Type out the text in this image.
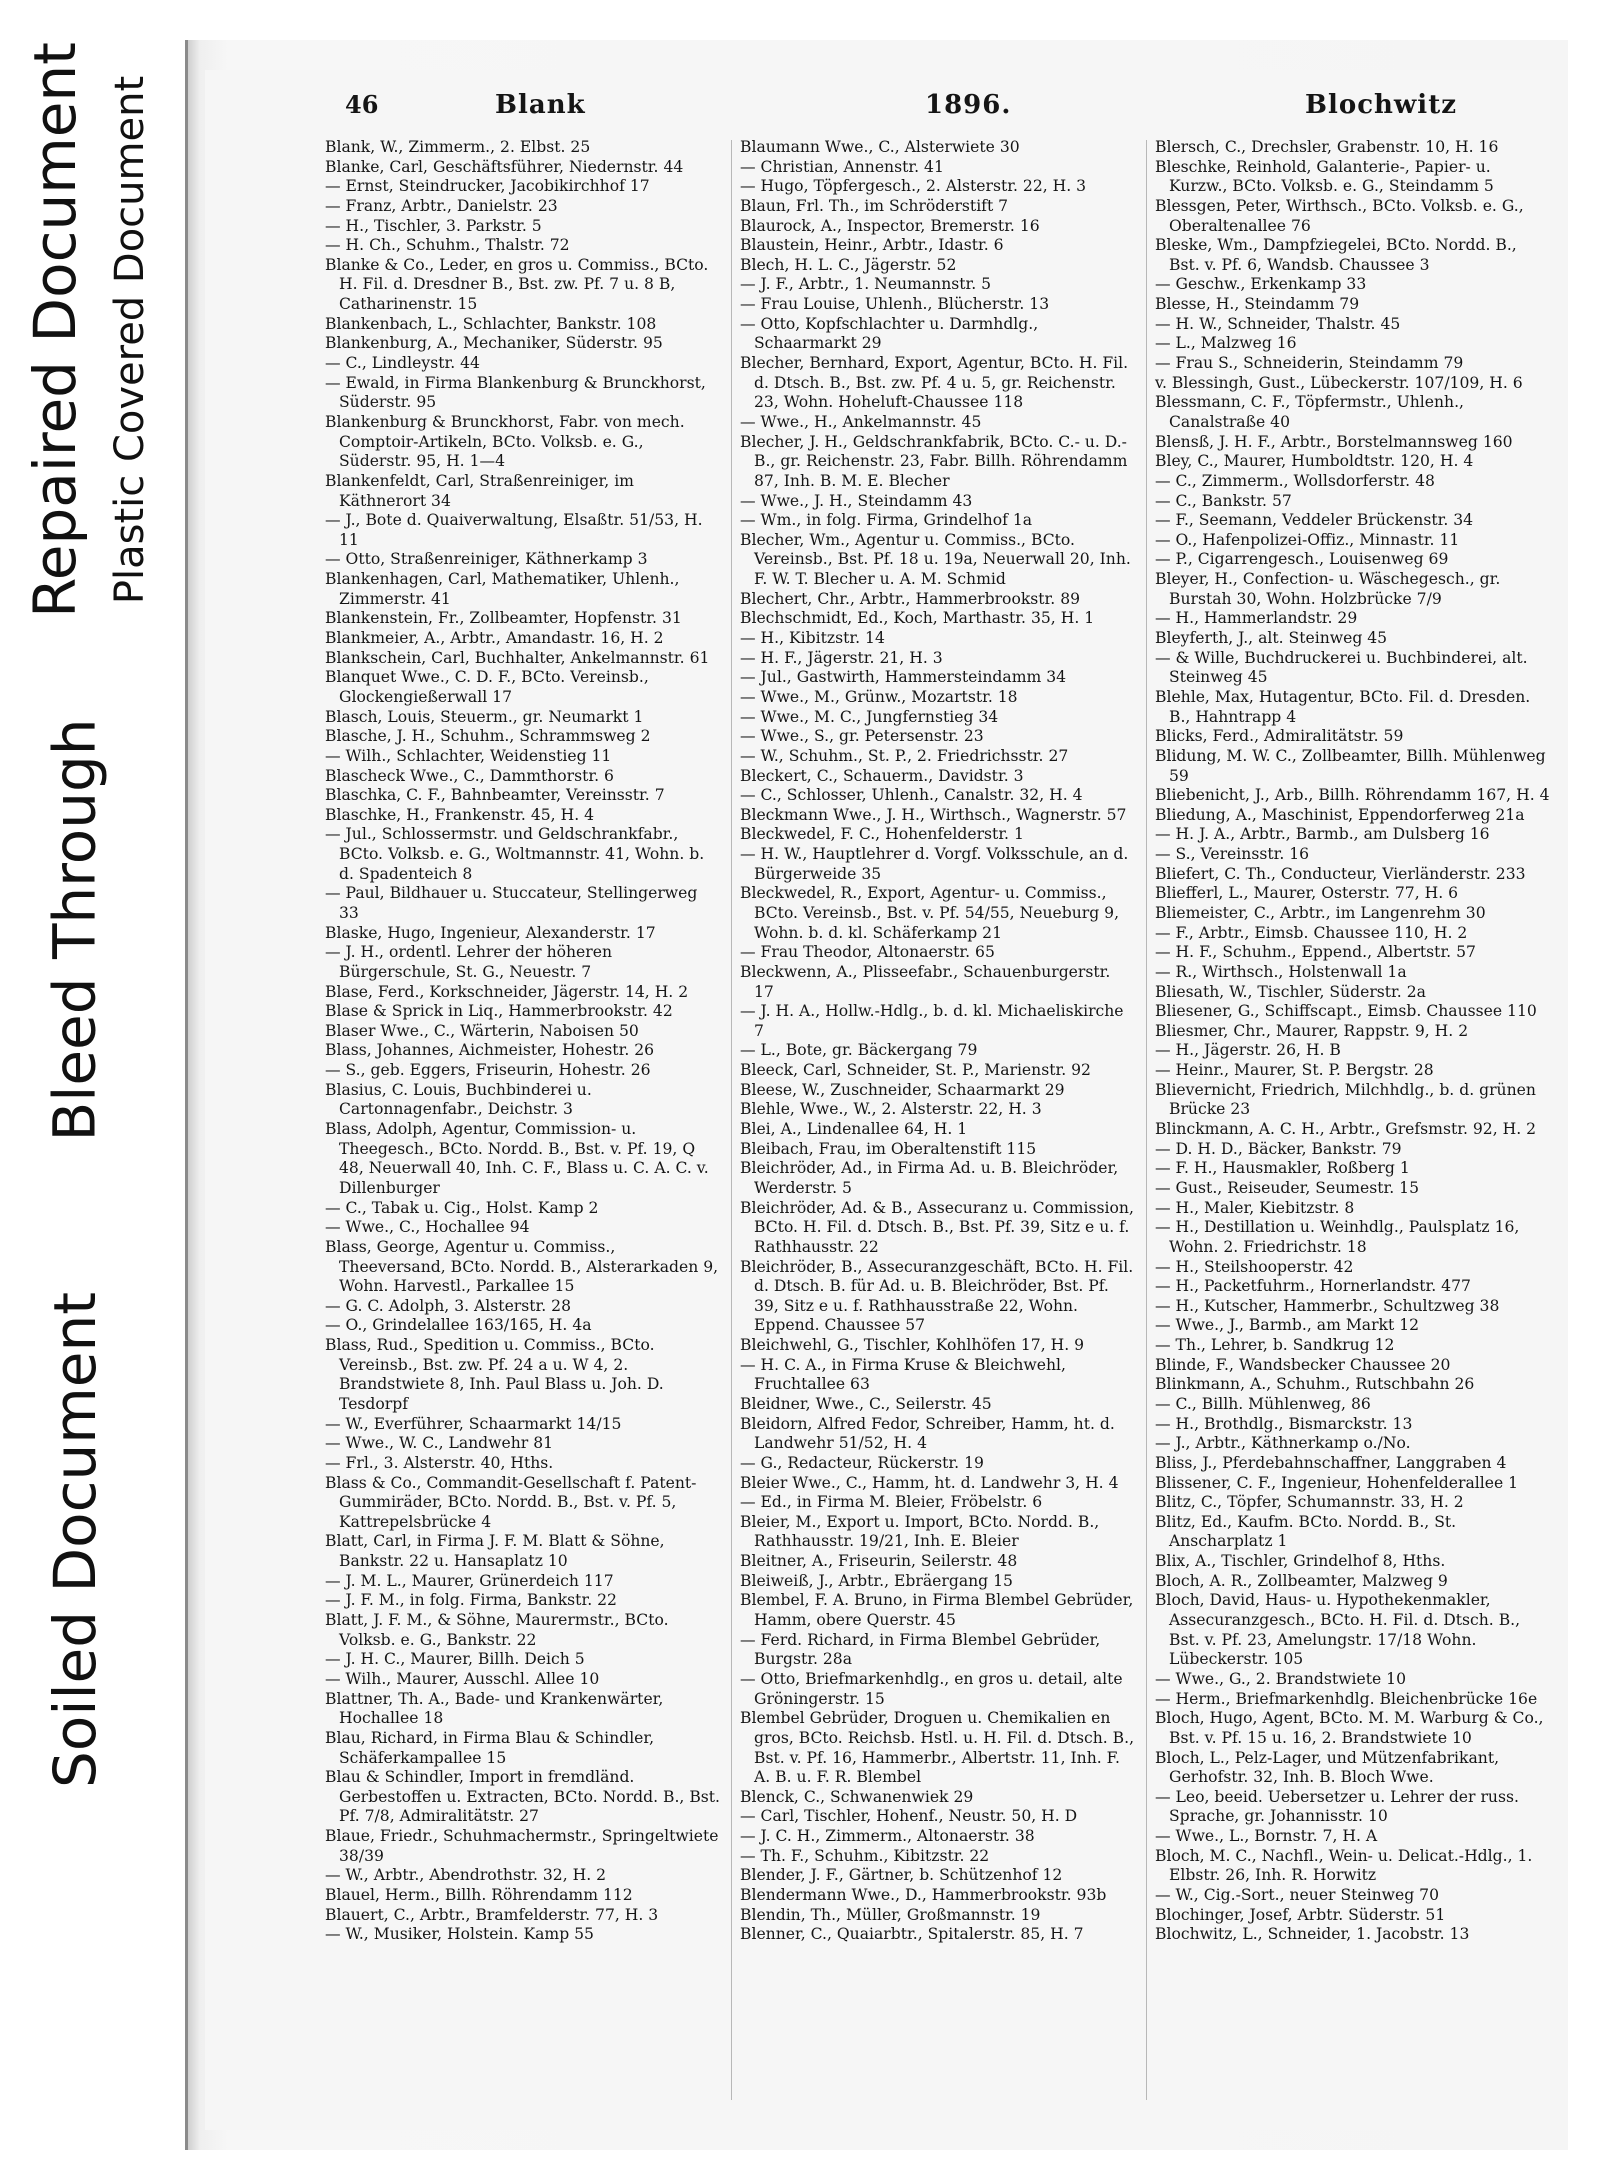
Bleed Through
Repaired Document Plastic Covered Document
Soiled Document
46	Blank	1896.	Blochwitz

Blank, W., Zimmerm., 2. Elbst. 25

Blanke, Carl, Geschäftsführer, Niedernstr. 44

— Ernst, Steindrucker, Jacobikirchhof 17

— Franz, Arbtr., Danielstr. 23

— H., Tischler, 3. Parkstr. 5

— H. Ch., Schuhm., Thalstr. 72

Blanke & Co., Leder, en gros u. Commiss., BCto. H. Fil. d. Dresdner B., Bst. zw. Pf. 7 u. 8 B, Catharinenstr. 15

Blankenbach, L., Schlachter, Bankstr. 108

Blankenburg, A., Mechaniker, Süderstr. 95

— C., Lindleystr. 44

— Ewald, in Firma Blankenburg & Brunckhorst, Süderstr. 95

Blankenburg & Brunckhorst, Fabr. von mech. Comptoir-Artikeln, BCto. Volksb. e. G., Süderstr. 95, H. 1—4

Blankenfeldt, Carl, Straßenreiniger, im Käthnerort 34

— J., Bote d. Quaiverwaltung, Elsaßtr. 51/53, H. 11

— Otto, Straßenreiniger, Käthnerkamp 3

Blankenhagen, Carl, Mathematiker, Uhlenh., Zimmerstr. 41

Blankenstein, Fr., Zollbeamter, Hopfenstr. 31

Blankmeier, A., Arbtr., Amandastr. 16, H. 2

Blankschein, Carl, Buchhalter, Ankelmannstr. 61

Blanquet Wwe., C. D. F., BCto. Vereinsb., Glockengießerwall 17

Blasch, Louis, Steuerm., gr. Neumarkt 1

Blasche, J. H., Schuhm., Schrammsweg 2

— Wilh., Schlachter, Weidenstieg 11

Blascheck Wwe., C., Dammthorstr. 6

Blaschka, C. F., Bahnbeamter, Vereinsstr. 7

Blaschke, H., Frankenstr. 45, H. 4

— Jul., Schlossermstr. und Geldschrankfabr., BCto. Volksb. e. G., Woltmannstr. 41, Wohn. b. d. Spadenteich 8

— Paul, Bildhauer u. Stuccateur, Stellingerweg 33

Blaske, Hugo, Ingenieur, Alexanderstr. 17

— J. H., ordentl. Lehrer der höheren Bürgerschule, St. G., Neuestr. 7

Blase, Ferd., Korkschneider, Jägerstr. 14, H. 2

Blase & Sprick in Liq., Hammerbrookstr. 42

Blaser Wwe., C., Wärterin, Naboisen 50

Blass, Johannes, Aichmeister, Hohestr. 26

— S., geb. Eggers, Friseurin, Hohestr. 26

Blasius, C. Louis, Buchbinderei u. Cartonnagenfabr., Deichstr. 3

Blass, Adolph, Agentur, Commission- u. Theegesch., BCto. Nordd. B., Bst. v. Pf. 19, Q 48, Neuerwall 40, Inh. C. F., Blass u. C. A. C. v. Dillenburger

— C., Tabak u. Cig., Holst. Kamp 2

— Wwe., C., Hochallee 94

Blass, George, Agentur u. Commiss., Theeversand, BCto. Nordd. B., Alsterarkaden 9, Wohn. Harvestl., Parkallee 15

— G. C. Adolph, 3. Alsterstr. 28

— O., Grindelallee 163/165, H. 4a

Blass, Rud., Spedition u. Commiss., BCto. Vereinsb., Bst. zw. Pf. 24 a u. W 4, 2. Brandstwiete 8, Inh. Paul Blass u. Joh. D. Tesdorpf

— W., Everführer, Schaarmarkt 14/15

— Wwe., W. C., Landwehr 81

— Frl., 3. Alsterstr. 40, Hths.

Blass & Co., Commandit-Gesellschaft f. Patent-Gummiräder, BCto. Nordd. B., Bst. v. Pf. 5, Kattrepelsbrücke 4

Blatt, Carl, in Firma J. F. M. Blatt & Söhne, Bankstr. 22 u. Hansaplatz 10

— J. M. L., Maurer, Grünerdeich 117

— J. F. M., in folg. Firma, Bankstr. 22

Blatt, J. F. M., & Söhne, Maurermstr., BCto. Volksb. e. G., Bankstr. 22

— J. H. C., Maurer, Billh. Deich 5

— Wilh., Maurer, Ausschl. Allee 10

Blattner, Th. A., Bade- und Krankenwärter, Hochallee 18

Blau, Richard, in Firma Blau & Schindler, Schäferkampallee 15

Blau & Schindler, Import in fremdländ. Gerbestoffen u. Extracten, BCto. Nordd. B., Bst. Pf. 7/8, Admiralitätstr. 27

Blaue, Friedr., Schuhmachermstr., Springeltwiete 38/39

— W., Arbtr., Abendrothstr. 32, H. 2

Blauel, Herm., Billh. Röhrendamm 112

Blauert, C., Arbtr., Bramfelderstr. 77, H. 3

— W., Musiker, Holstein. Kamp 55

Blaumann Wwe., C., Alsterwiete 30

— Christian, Annenstr. 41

— Hugo, Töpfergesch., 2. Alsterstr. 22, H. 3

Blaun, Frl. Th., im Schröderstift 7

Blaurock, A., Inspector, Bremerstr. 16

Blaustein, Heinr., Arbtr., Idastr. 6

Blech, H. L. C., Jägerstr. 52

— J. F., Arbtr., 1. Neumannstr. 5

— Frau Louise, Uhlenh., Blücherstr. 13

— Otto, Kopfschlachter u. Darmhdlg., Schaarmarkt 29

Blecher, Bernhard, Export, Agentur, BCto. H. Fil. d. Dtsch. B., Bst. zw. Pf. 4 u. 5, gr. Reichenstr. 23, Wohn. Hoheluft-Chaussee 118

— Wwe., H., Ankelmannstr. 45

Blecher, J. H., Geldschrankfabrik, BCto. C.- u. D.-B., gr. Reichenstr. 23, Fabr. Billh. Röhrendamm 87, Inh. B. M. E. Blecher

— Wwe., J. H., Steindamm 43

— Wm., in folg. Firma, Grindelhof 1a

Blecher, Wm., Agentur u. Commiss., BCto. Vereinsb., Bst. Pf. 18 u. 19a, Neuerwall 20, Inh. F. W. T. Blecher u. A. M. Schmid

Blechert, Chr., Arbtr., Hammerbrookstr. 89

Blechschmidt, Ed., Koch, Marthastr. 35, H. 1

— H., Kibitzstr. 14

— H. F., Jägerstr. 21, H. 3

— Jul., Gastwirth, Hammersteindamm 34

— Wwe., M., Grünw., Mozartstr. 18

— Wwe., M. C., Jungfernstieg 34

— Wwe., S., gr. Petersenstr. 23

— W., Schuhm., St. P., 2. Friedrichsstr. 27

Bleckert, C., Schauerm., Davidstr. 3

— C., Schlosser, Uhlenh., Canalstr. 32, H. 4

Bleckmann Wwe., J. H., Wirthsch., Wagnerstr. 57

Bleckwedel, F. C., Hohenfelderstr. 1

— H. W., Hauptlehrer d. Vorgf. Volksschule, an d. Bürgerweide 35

Bleckwedel, R., Export, Agentur- u. Commiss., BCto. Vereinsb., Bst. v. Pf. 54/55, Neueburg 9, Wohn. b. d. kl. Schäferkamp 21

— Frau Theodor, Altonaerstr. 65

Bleckwenn, A., Plisseefabr., Schauenburgerstr. 17

— J. H. A., Hollw.-Hdlg., b. d. kl. Michaeliskirche 7

— L., Bote, gr. Bäckergang 79

Bleeck, Carl, Schneider, St. P., Marienstr. 92

Bleese, W., Zuschneider, Schaarmarkt 29

Blehle, Wwe., W., 2. Alsterstr. 22, H. 3

Blei, A., Lindenallee 64, H. 1

Bleibach, Frau, im Oberaltenstift 115

Bleichröder, Ad., in Firma Ad. u. B. Bleichröder, Werderstr. 5

Bleichröder, Ad. & B., Assecuranz u. Commission, BCto. H. Fil. d. Dtsch. B., Bst. Pf. 39, Sitz e u. f. Rathhausstr. 22

Bleichröder, B., Assecuranzgeschäft, BCto. H. Fil. d. Dtsch. B. für Ad. u. B. Bleichröder, Bst. Pf. 39, Sitz e u. f. Rathhausstraße 22, Wohn. Eppend. Chaussee 57

Bleichwehl, G., Tischler, Kohlhöfen 17, H. 9

— H. C. A., in Firma Kruse & Bleichwehl, Fruchtallee 63

Bleidner, Wwe., C., Seilerstr. 45

Bleidorn, Alfred Fedor, Schreiber, Hamm, ht. d. Landwehr 51/52, H. 4

— G., Redacteur, Rückerstr. 19

Bleier Wwe., C., Hamm, ht. d. Landwehr 3, H. 4

— Ed., in Firma M. Bleier, Fröbelstr. 6

Bleier, M., Export u. Import, BCto. Nordd. B., Rathhausstr. 19/21, Inh. E. Bleier

Bleitner, A., Friseurin, Seilerstr. 48

Bleiweiß, J., Arbtr., Ebräergang 15

Blembel, F. A. Bruno, in Firma Blembel Gebrüder, Hamm, obere Querstr. 45

— Ferd. Richard, in Firma Blembel Gebrüder, Burgstr. 28a

— Otto, Briefmarkenhdlg., en gros u. detail, alte Gröningerstr. 15

Blembel Gebrüder, Droguen u. Chemikalien en gros, BCto. Reichsb. Hstl. u. H. Fil. d. Dtsch. B., Bst. v. Pf. 16, Hammerbr., Albertstr. 11, Inh. F. A. B. u. F. R. Blembel

Blenck, C., Schwanenwiek 29

— Carl, Tischler, Hohenf., Neustr. 50, H. D

— J. C. H., Zimmerm., Altonaerstr. 38

— Th. F., Schuhm., Kibitzstr. 22

Blender, J. F., Gärtner, b. Schützenhof 12

Blendermann Wwe., D., Hammerbrookstr. 93b

Blendin, Th., Müller, Großmannstr. 19

Blenner, C., Quaiarbtr., Spitalerstr. 85, H. 7

Blersch, C., Drechsler, Grabenstr. 10, H. 16

Bleschke, Reinhold, Galanterie-, Papier- u. Kurzw., BCto. Volksb. e. G., Steindamm 5

Blessgen, Peter, Wirthsch., BCto. Volksb. e. G., Oberaltenallee 76

Bleske, Wm., Dampfziegelei, BCto. Nordd. B., Bst. v. Pf. 6, Wandsb. Chaussee 3

— Geschw., Erkenkamp 33

Blesse, H., Steindamm 79

— H. W., Schneider, Thalstr. 45

— L., Malzweg 16

— Frau S., Schneiderin, Steindamm 79

v. Blessingh, Gust., Lübeckerstr. 107/109, H. 6

Blessmann, C. F., Töpfermstr., Uhlenh., Canalstraße 40

Blensß, J. H. F., Arbtr., Borstelmannsweg 160

Bley, C., Maurer, Humboldtstr. 120, H. 4

— C., Zimmerm., Wollsdorferstr. 48

— C., Bankstr. 57

— F., Seemann, Veddeler Brückenstr. 34

— O., Hafenpolizei-Offiz., Minnastr. 11

— P., Cigarrengesch., Louisenweg 69

Bleyer, H., Confection- u. Wäschegesch., gr. Burstah 30, Wohn. Holzbrücke 7/9

— H., Hammerlandstr. 29

Bleyferth, J., alt. Steinweg 45

— & Wille, Buchdruckerei u. Buchbinderei, alt. Steinweg 45

Blehle, Max, Hutagentur, BCto. Fil. d. Dresden. B., Hahntrapp 4

Blicks, Ferd., Admiralitätstr. 59

Blidung, M. W. C., Zollbeamter, Billh. Mühlenweg 59

Bliebenicht, J., Arb., Billh. Röhrendamm 167, H. 4

Bliedung, A., Maschinist, Eppendorferweg 21a

— H. J. A., Arbtr., Barmb., am Dulsberg 16

— S., Vereinsstr. 16

Bliefert, C. Th., Conducteur, Vierländerstr. 233

Bliefferl, L., Maurer, Osterstr. 77, H. 6

Bliemeister, C., Arbtr., im Langenrehm 30

— F., Arbtr., Eimsb. Chaussee 110, H. 2

— H. F., Schuhm., Eppend., Albertstr. 57

— R., Wirthsch., Holstenwall 1a

Bliesath, W., Tischler, Süderstr. 2a

Bliesener, G., Schiffscapt., Eimsb. Chaussee 110

Bliesmer, Chr., Maurer, Rappstr. 9, H. 2

— H., Jägerstr. 26, H. B

— Heinr., Maurer, St. P. Bergstr. 28

Blievernicht, Friedrich, Milchhdlg., b. d. grünen Brücke 23

Blinckmann, A. C. H., Arbtr., Grefsmstr. 92, H. 2

— D. H. D., Bäcker, Bankstr. 79

— F. H., Hausmakler, Roßberg 1

— Gust., Reiseuder, Seumestr. 15

— H., Maler, Kiebitzstr. 8

— H., Destillation u. Weinhdlg., Paulsplatz 16, Wohn. 2. Friedrichstr. 18

— H., Steilshooperstr. 42

— H., Packetfuhrm., Hornerlandstr. 477

— H., Kutscher, Hammerbr., Schultzweg 38

— Wwe., J., Barmb., am Markt 12

— Th., Lehrer, b. Sandkrug 12

Blinde, F., Wandsbecker Chaussee 20

Blinkmann, A., Schuhm., Rutschbahn 26

— C., Billh. Mühlenweg, 86

— H., Brothdlg., Bismarckstr. 13

— J., Arbtr., Käthnerkamp o./No.

Bliss, J., Pferdebahnschaffner, Langgraben 4

Blissener, C. F., Ingenieur, Hohenfelderallee 1

Blitz, C., Töpfer, Schumannstr. 33, H. 2

Blitz, Ed., Kaufm. BCto. Nordd. B., St. Anscharplatz 1

Blix, A., Tischler, Grindelhof 8, Hths.

Bloch, A. R., Zollbeamter, Malzweg 9

Bloch, David, Haus- u. Hypothekenmakler, Assecuranzgesch., BCto. H. Fil. d. Dtsch. B., Bst. v. Pf. 23, Amelungstr. 17/18 Wohn. Lübeckerstr. 105

— Wwe., G., 2. Brandstwiete 10

— Herm., Briefmarkenhdlg. Bleichenbrücke 16e

Bloch, Hugo, Agent, BCto. M. M. Warburg & Co., Bst. v. Pf. 15 u. 16, 2. Brandstwiete 10

Bloch, L., Pelz-Lager, und Mützenfabrikant, Gerhofstr. 32, Inh. B. Bloch Wwe.

— Leo, beeid. Uebersetzer u. Lehrer der russ. Sprache, gr. Johannisstr. 10

— Wwe., L., Bornstr. 7, H. A

Bloch, M. C., Nachfl., Wein- u. Delicat.-Hdlg., 1. Elbstr. 26, Inh. R. Horwitz

— W., Cig.-Sort., neuer Steinweg 70

Blochinger, Josef, Arbtr. Süderstr. 51

Blochwitz, L., Schneider, 1. Jacobstr. 13
